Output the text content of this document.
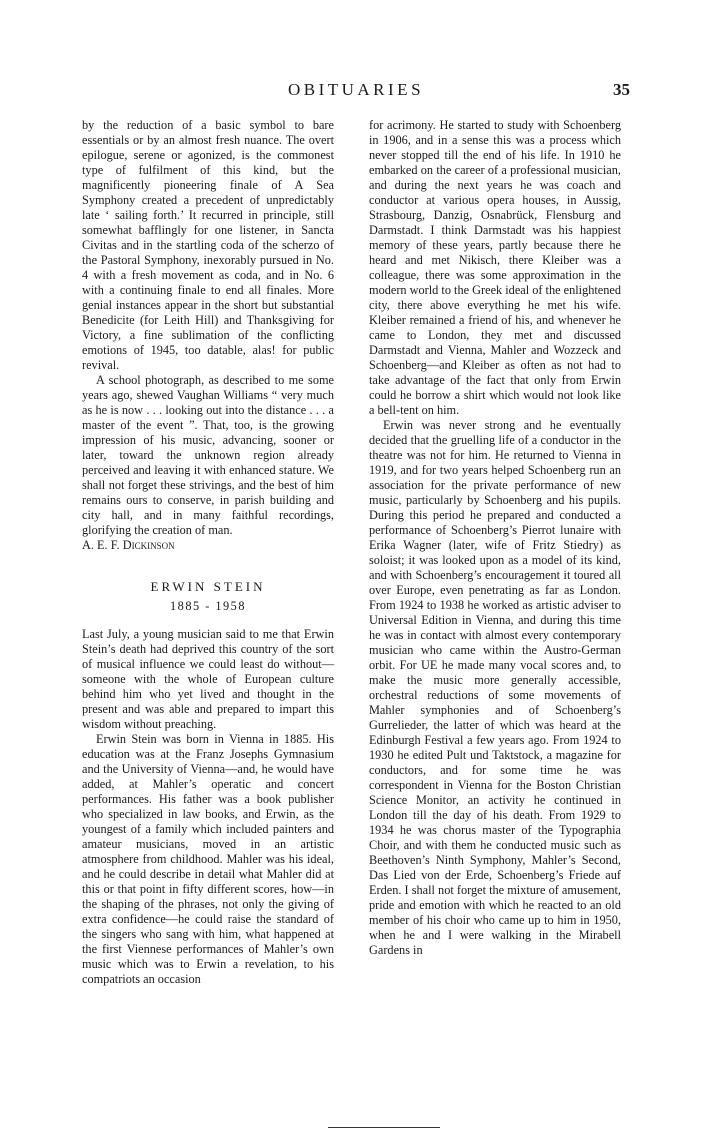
OBITUARIES	35

by the reduction of a basic symbol to bare essentials or by an almost fresh nuance. The overt epilogue, serene or agonized, is the commonest type of fulfilment of this kind, but the magnificently pioneering finale of A Sea Symphony created a precedent of unpredictably late ‘ sailing forth.’ It recurred in principle, still somewhat bafflingly for one listener, in Sancta Civitas and in the startling coda of the scherzo of the Pastoral Symphony, inexorably pursued in No. 4 with a fresh movement as coda, and in No. 6 with a continuing finale to end all finales. More genial instances appear in the short but substantial Benedicite (for Leith Hill) and Thanksgiving for Victory, a fine sublimation of the conflicting emotions of 1945, too datable, alas! for public revival.

A school photograph, as described to me some years ago, shewed Vaughan Williams “ very much as he is now . . . looking out into the distance . . . a master of the event ”. That, too, is the growing impression of his music, advancing, sooner or later, toward the unknown region already perceived and leaving it with enhanced stature. We shall not forget these strivings, and the best of him remains ours to conserve, in parish building and city hall, and in many faithful recordings, glorifying the creation of man.

A. E. F. Dickinson

ERWIN STEIN
1885 - 1958

Last July, a young musician said to me that Erwin Stein’s death had deprived this country of the sort of musical influence we could least do without—someone with the whole of European culture behind him who yet lived and thought in the present and was able and prepared to impart this wisdom without preaching.

Erwin Stein was born in Vienna in 1885. His education was at the Franz Josephs Gymnasium and the University of Vienna—and, he would have added, at Mahler’s operatic and concert performances. His father was a book publisher who specialized in law books, and Erwin, as the youngest of a family which included painters and amateur musicians, moved in an artistic atmosphere from childhood. Mahler was his ideal, and he could describe in detail what Mahler did at this or that point in fifty different scores, how—in the shaping of the phrases, not only the giving of extra confidence—he could raise the standard of the singers who sang with him, what happened at the first Viennese performances of Mahler’s own music which was to Erwin a revelation, to his compatriots an occasion

for acrimony. He started to study with Schoenberg in 1906, and in a sense this was a process which never stopped till the end of his life. In 1910 he embarked on the career of a professional musician, and during the next years he was coach and conductor at various opera houses, in Aussig, Strasbourg, Danzig, Osnabrück, Flensburg and Darmstadt. I think Darmstadt was his happiest memory of these years, partly because there he heard and met Nikisch, there Kleiber was a colleague, there was some approximation in the modern world to the Greek ideal of the enlightened city, there above everything he met his wife. Kleiber remained a friend of his, and whenever he came to London, they met and discussed Darmstadt and Vienna, Mahler and Wozzeck and Schoenberg—and Kleiber as often as not had to take advantage of the fact that only from Erwin could he borrow a shirt which would not look like a bell-tent on him.

Erwin was never strong and he eventually decided that the gruelling life of a conductor in the theatre was not for him. He returned to Vienna in 1919, and for two years helped Schoenberg run an association for the private performance of new music, particularly by Schoenberg and his pupils. During this period he prepared and conducted a performance of Schoenberg’s Pierrot lunaire with Erika Wagner (later, wife of Fritz Stiedry) as soloist; it was looked upon as a model of its kind, and with Schoenberg’s encouragement it toured all over Europe, even penetrating as far as London. From 1924 to 1938 he worked as artistic adviser to Universal Edition in Vienna, and during this time he was in contact with almost every contemporary musician who came within the Austro-German orbit. For UE he made many vocal scores and, to make the music more generally accessible, orchestral reductions of some movements of Mahler symphonies and of Schoenberg’s Gurrelieder, the latter of which was heard at the Edinburgh Festival a few years ago. From 1924 to 1930 he edited Pult und Taktstock, a magazine for conductors, and for some time he was correspondent in Vienna for the Boston Christian Science Monitor, an activity he continued in London till the day of his death. From 1929 to 1934 he was chorus master of the Typographia Choir, and with them he conducted music such as Beethoven’s Ninth Symphony, Mahler’s Second, Das Lied von der Erde, Schoenberg’s Friede auf Erden. I shall not forget the mixture of amusement, pride and emotion with which he reacted to an old member of his choir who came up to him in 1950, when he and I were walking in the Mirabell Gardens in
